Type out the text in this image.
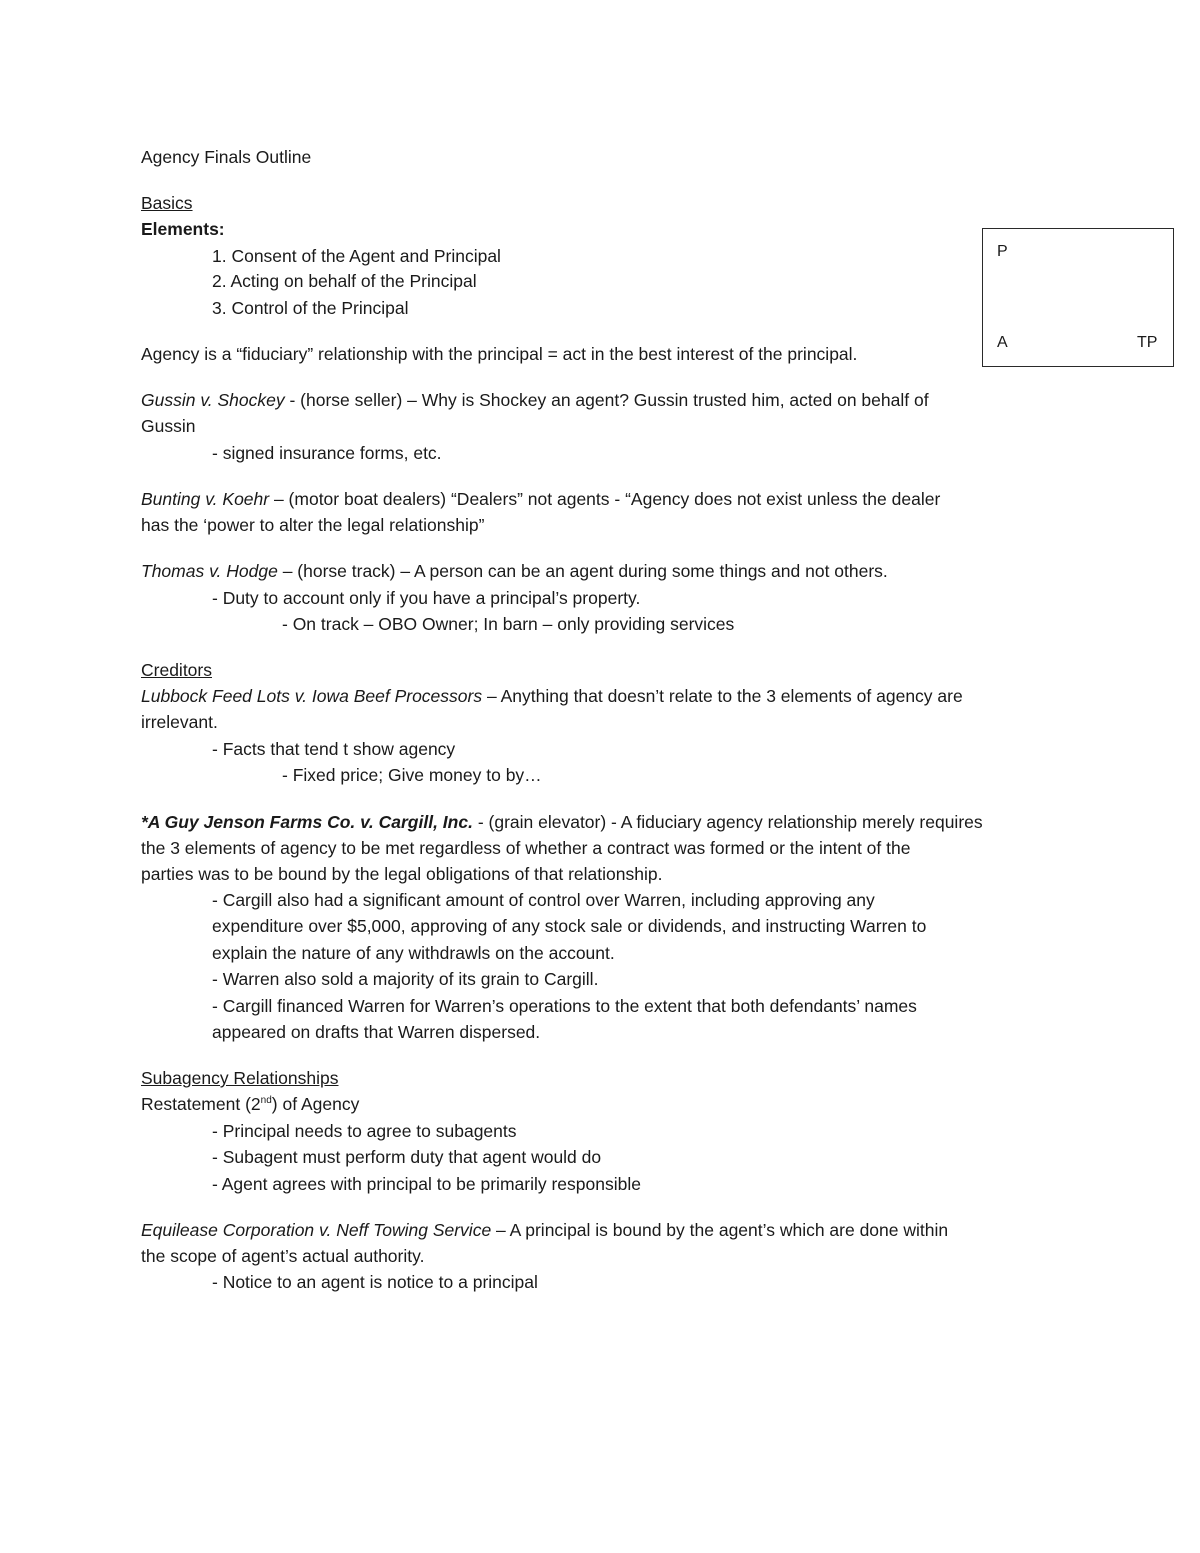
Agency Finals Outline
Basics
Elements:
1. Consent of the Agent and Principal
2. Acting on behalf of the Principal
3. Control of the Principal
Agency is a “fiduciary” relationship with the principal = act in the best interest of the principal.
P
A	TP
Gussin v. Shockey - (horse seller) – Why is Shockey an agent? Gussin trusted him, acted on behalf of
Gussin
- signed insurance forms, etc.
Bunting v. Koehr – (motor boat dealers) “Dealers” not agents - “Agency does not exist unless the dealer
has the ‘power to alter the legal relationship”
Thomas v. Hodge – (horse track) – A person can be an agent during some things and not others.
- Duty to account only if you have a principal’s property.
- On track – OBO Owner; In barn – only providing services
Creditors
Lubbock Feed Lots v. Iowa Beef Processors – Anything that doesn’t relate to the 3 elements of agency are
irrelevant.
- Facts that tend t show agency
- Fixed price; Give money to by…
*A Guy Jenson Farms Co. v. Cargill, Inc. - (grain elevator) - A fiduciary agency relationship merely requires
the 3 elements of agency to be met regardless of whether a contract was formed or the intent of the
parties was to be bound by the legal obligations of that relationship.
- Cargill also had a significant amount of control over Warren, including approving any
expenditure over $5,000, approving of any stock sale or dividends, and instructing Warren to
explain the nature of any withdrawls on the account.
- Warren also sold a majority of its grain to Cargill.
- Cargill financed Warren for Warren’s operations to the extent that both defendants’ names
appeared on drafts that Warren dispersed.
Subagency Relationships
Restatement (2nd) of Agency
- Principal needs to agree to subagents
- Subagent must perform duty that agent would do
- Agent agrees with principal to be primarily responsible
Equilease Corporation v. Neff Towing Service – A principal is bound by the agent’s which are done within
the scope of agent’s actual authority.
- Notice to an agent is notice to a principal
